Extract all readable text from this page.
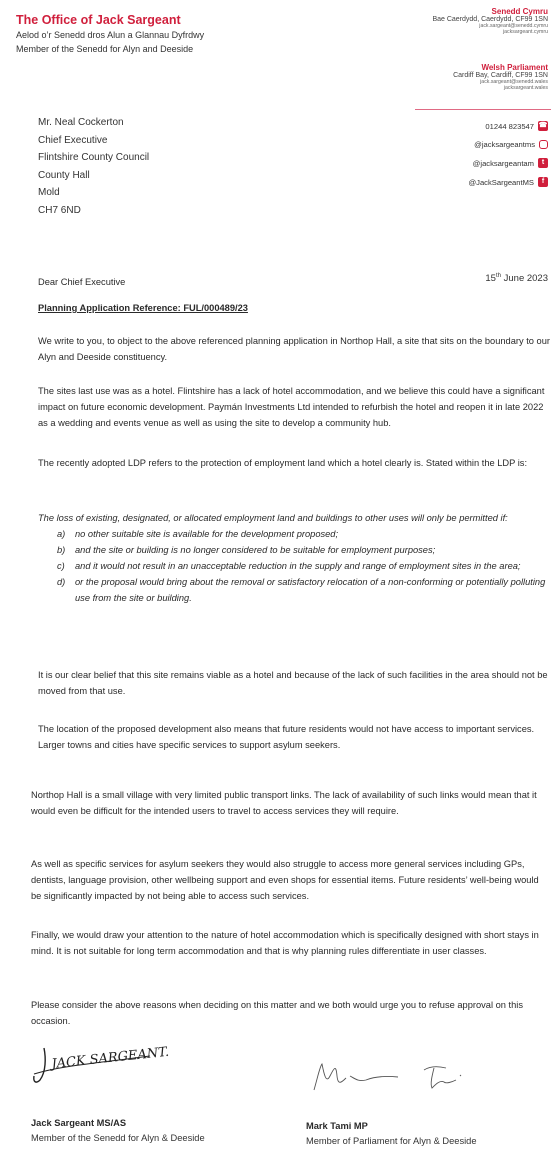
The Office of Jack Sargeant
Aelod o’r Senedd dros Alun a Glannau Dyfrdwy
Member of the Senedd for Alyn and Deeside
Senedd Cymru
Bae Caerdydd, Caerdydd, CF99 1SN
jack.sargeant@senedd.cymru
jacksargeant.cymru
Welsh Parliament
Cardiff Bay, Cardiff, CF99 1SN
jack.sargeant@senedd.wales
jacksargeant.wales
01244 823547 ☎
@jacksargeantms
@jacksargeantam	t
@JackSargeantMS	f
Mr. Neal Cockerton
Chief Executive
Flintshire County Council
County Hall
Mold
CH7 6ND
15th June 2023
Dear Chief Executive
Planning Application Reference: FUL/000489/23
We write to you, to object to the above referenced planning application in Northop Hall, a site that sits on the boundary to our Alyn and Deeside constituency.
The sites last use was as a hotel. Flintshire has a lack of hotel accommodation, and we believe this could have a significant impact on future economic development. Paymán Investments Ltd intended to refurbish the hotel and reopen it in late 2022 as a wedding and events venue as well as using the site to develop a community hub.
The recently adopted LDP refers to the protection of employment land which a hotel clearly is. Stated within the LDP is:
The loss of existing, designated, or allocated employment land and buildings to other uses will only be permitted if:
a) no other suitable site is available for the development proposed;
b) and the site or building is no longer considered to be suitable for employment purposes;
c) and it would not result in an unacceptable reduction in the supply and range of employment sites in the area;
d) or the proposal would bring about the removal or satisfactory relocation of a non-conforming or potentially polluting use from the site or building.
It is our clear belief that this site remains viable as a hotel and because of the lack of such facilities in the area should not be moved from that use.
The location of the proposed development also means that future residents would not have access to important services. Larger towns and cities have specific services to support asylum seekers.
Northop Hall is a small village with very limited public transport links. The lack of availability of such links would mean that it would even be difficult for the intended users to travel to access services they will require.
As well as specific services for asylum seekers they would also struggle to access more general services including GPs, dentists, language provision, other wellbeing support and even shops for essential items. Future residents’ well-being would be significantly impacted by not being able to access such services.
Finally, we would draw your attention to the nature of hotel accommodation which is specifically designed with short stays in mind. It is not suitable for long term accommodation and that is why planning rules differentiate in user classes.
Please consider the above reasons when deciding on this matter and we both would urge you to refuse approval on this occasion.
JACK SARGEANT.
Jack Sargeant MS/AS
Member of the Senedd for Alyn & Deeside
Mark Tami MP
Member of Parliament for Alyn & Deeside
